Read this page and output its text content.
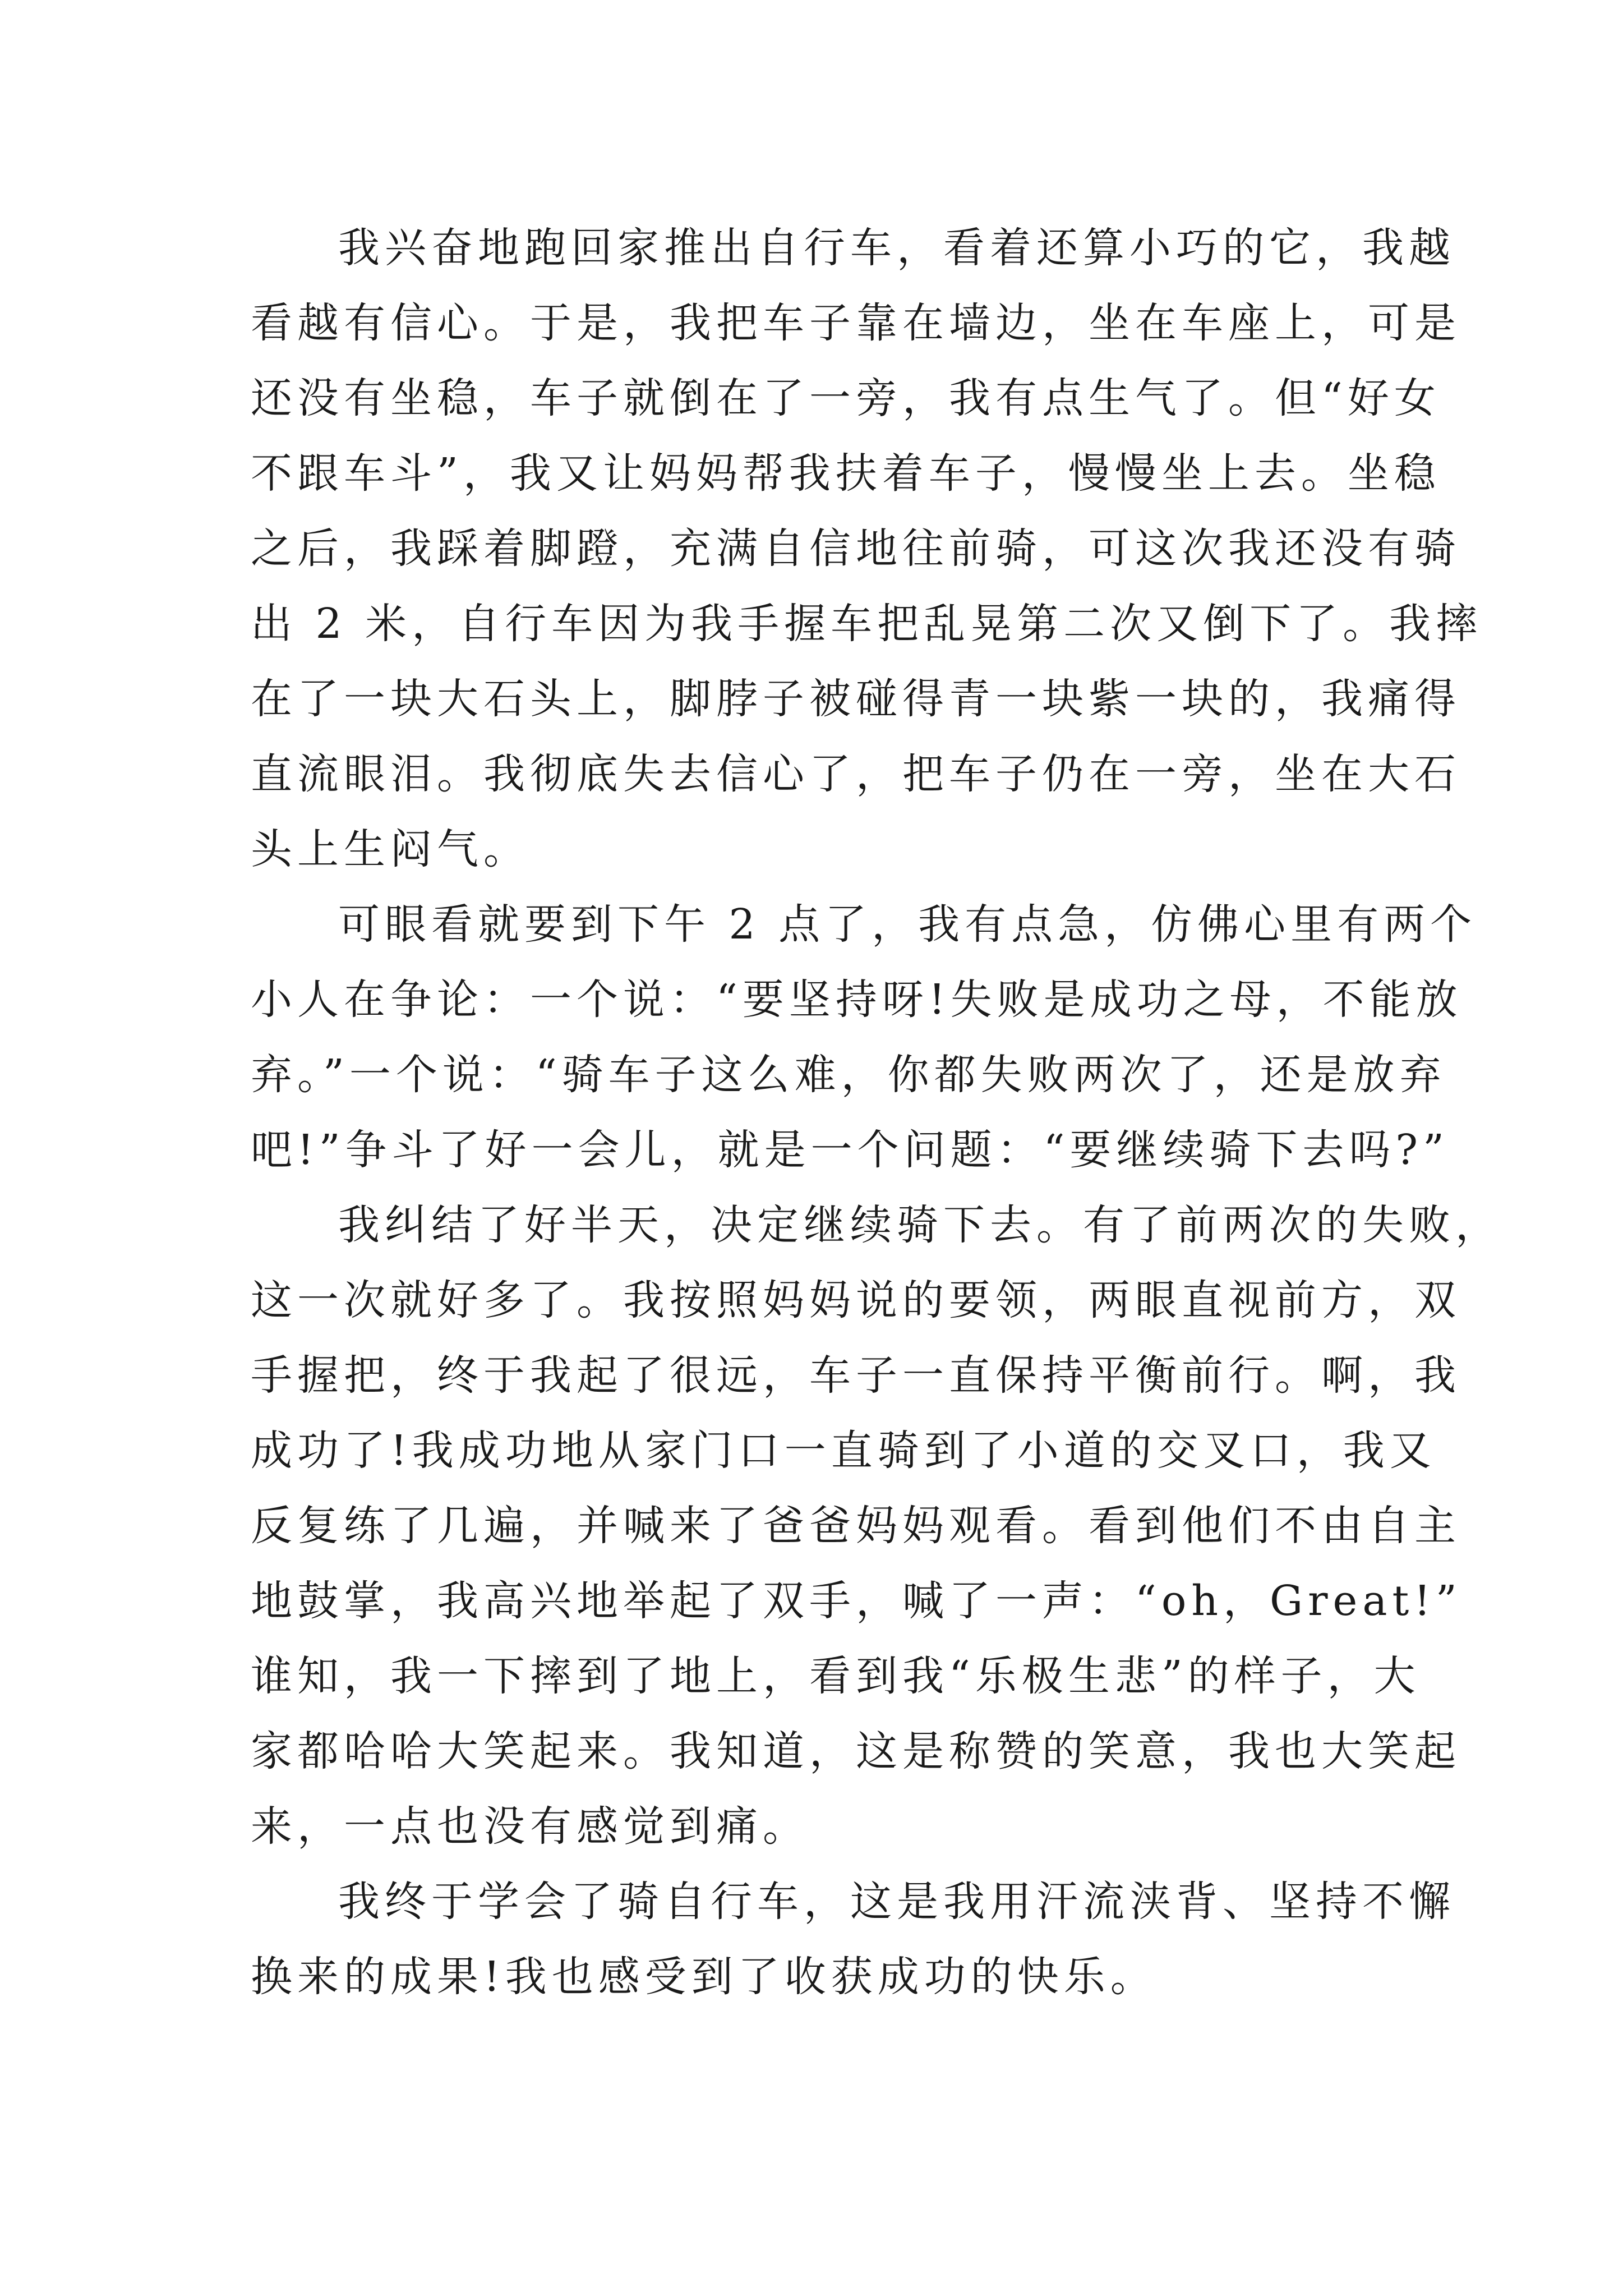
我兴奋地跑回家推出自行车，看着还算小巧的它，我越
看越有信心。于是，我把车子靠在墙边，坐在车座上，可是
还没有坐稳，车子就倒在了一旁，我有点生气了。但“好女
不跟车斗”，我又让妈妈帮我扶着车子，慢慢坐上去。坐稳
之后，我踩着脚蹬，充满自信地往前骑，可这次我还没有骑
出 2 米，自行车因为我手握车把乱晃第二次又倒下了。我摔
在了一块大石头上，脚脖子被碰得青一块紫一块的，我痛得
直流眼泪。我彻底失去信心了，把车子仍在一旁，坐在大石
头上生闷气。
可眼看就要到下午 2 点了，我有点急，仿佛心里有两个
小人在争论：一个说：“要坚持呀!失败是成功之母，不能放
弃。”一个说：“骑车子这么难，你都失败两次了，还是放弃
吧!”争斗了好一会儿，就是一个问题：“要继续骑下去吗?”
我纠结了好半天，决定继续骑下去。有了前两次的失败，
这一次就好多了。我按照妈妈说的要领，两眼直视前方，双
手握把，终于我起了很远，车子一直保持平衡前行。啊，我
成功了!我成功地从家门口一直骑到了小道的交叉口，我又
反复练了几遍，并喊来了爸爸妈妈观看。看到他们不由自主
地鼓掌，我高兴地举起了双手，喊了一声：“oh，Great!”
谁知，我一下摔到了地上，看到我“乐极生悲”的样子，大
家都哈哈大笑起来。我知道，这是称赞的笑意，我也大笑起
来，一点也没有感觉到痛。
我终于学会了骑自行车，这是我用汗流浃背、坚持不懈
换来的成果!我也感受到了收获成功的快乐。
